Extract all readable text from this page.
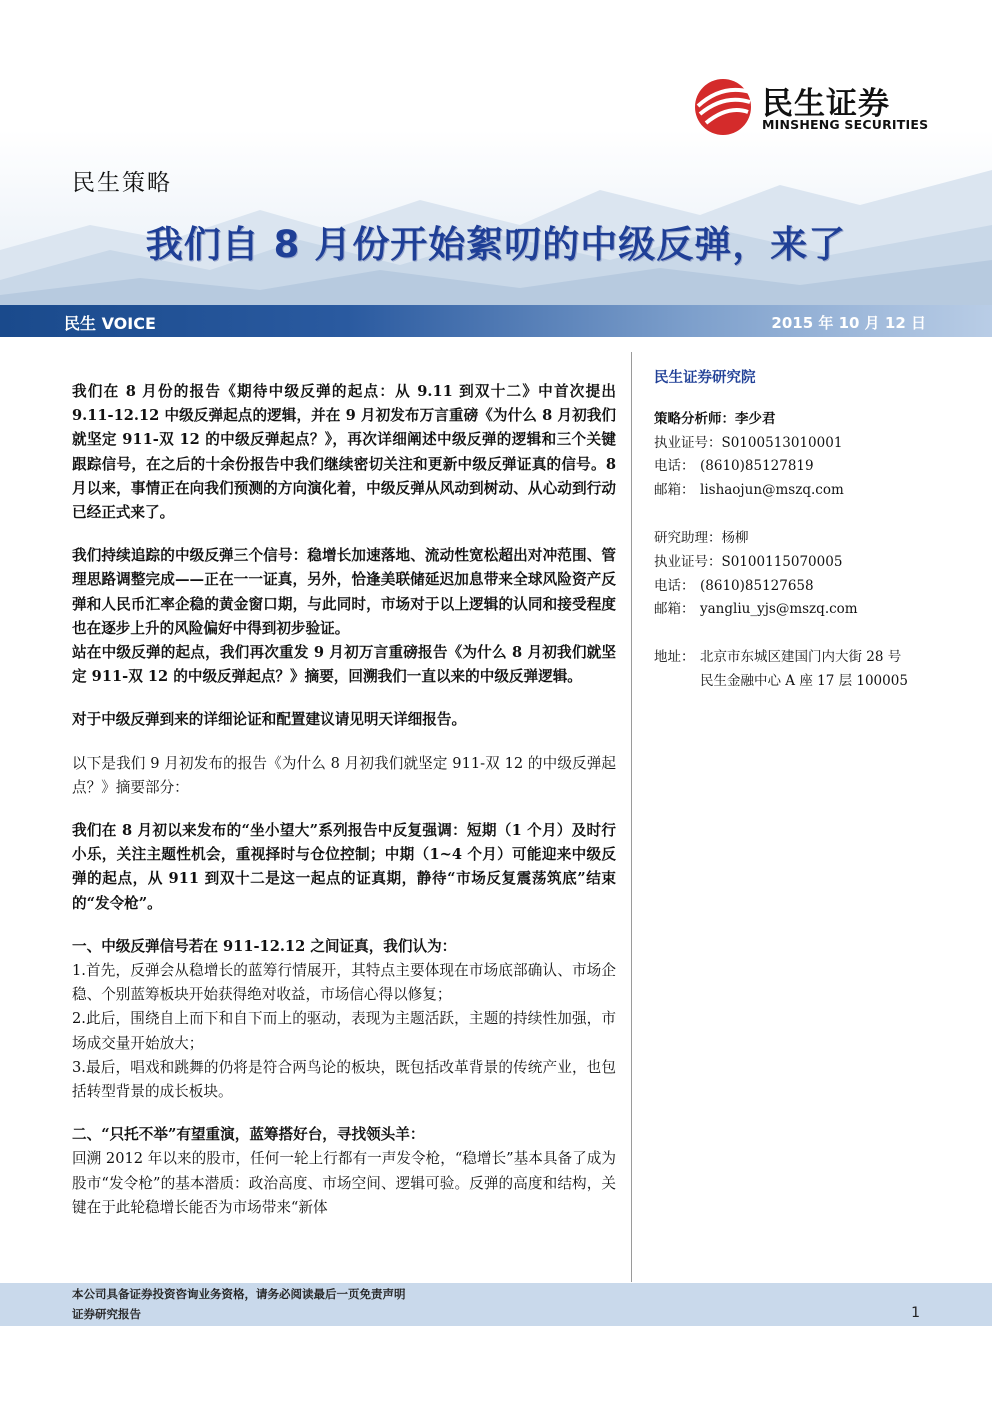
民生证券
MINSHENG SECURITIES
民生策略
我们自 8 月份开始絮叨的中级反弹，来了
民生 VOICE	2015 年 10 月 12 日

我们在 8 月份的报告《期待中级反弹的起点：从 9.11 到双十二》中首次提出 9.11-12.12 中级反弹起点的逻辑，并在 9 月初发布万言重磅《为什么 8 月初我们就坚定 911-双 12 的中级反弹起点？》，再次详细阐述中级反弹的逻辑和三个关键跟踪信号，在之后的十余份报告中我们继续密切关注和更新中级反弹证真的信号。8 月以来，事情正在向我们预测的方向演化着，中级反弹从风动到树动、从心动到行动已经正式来了。

我们持续追踪的中级反弹三个信号：稳增长加速落地、流动性宽松超出对冲范围、管理思路调整完成——正在一一证真，另外，恰逢美联储延迟加息带来全球风险资产反弹和人民币汇率企稳的黄金窗口期，与此同时，市场对于以上逻辑的认同和接受程度也在逐步上升的风险偏好中得到初步验证。

站在中级反弹的起点，我们再次重发 9 月初万言重磅报告《为什么 8 月初我们就坚定 911-双 12 的中级反弹起点？》摘要，回溯我们一直以来的中级反弹逻辑。

对于中级反弹到来的详细论证和配置建议请见明天详细报告。

以下是我们 9 月初发布的报告《为什么 8 月初我们就坚定 911-双 12 的中级反弹起点？》摘要部分：

我们在 8 月初以来发布的“坐小望大”系列报告中反复强调：短期（1 个月）及时行小乐，关注主题性机会，重视择时与仓位控制；中期（1~4 个月）可能迎来中级反弹的起点，从 911 到双十二是这一起点的证真期，静待“市场反复震荡筑底”结束的“发令枪”。

一、中级反弹信号若在 911-12.12 之间证真，我们认为：

1.首先，反弹会从稳增长的蓝筹行情展开，其特点主要体现在市场底部确认、市场企稳、个别蓝筹板块开始获得绝对收益，市场信心得以修复；

2.此后，围绕自上而下和自下而上的驱动，表现为主题活跃，主题的持续性加强，市场成交量开始放大；

3.最后，唱戏和跳舞的仍将是符合两鸟论的板块，既包括改革背景的传统产业，也包括转型背景的成长板块。

二、“只托不举”有望重演，蓝筹搭好台，寻找领头羊：

回溯 2012 年以来的股市，任何一轮上行都有一声发令枪，“稳增长”基本具备了成为股市“发令枪”的基本潜质：政治高度、市场空间、逻辑可验。反弹的高度和结构，关键在于此轮稳增长能否为市场带来“新体

民生证券研究院
策略分析师：李少君
执业证号：S0100513010001
电话： (8610)85127819
邮箱： lishaojun@mszq.com
研究助理：杨柳
执业证号：S0100115070005
电话： (8610)85127658
邮箱： yangliu_yjs@mszq.com
地址： 北京市东城区建国门内大街 28 号
民生金融中心 A 座 17 层 100005
本公司具备证券投资咨询业务资格，请务必阅读最后一页免责声明
证券研究报告	1
